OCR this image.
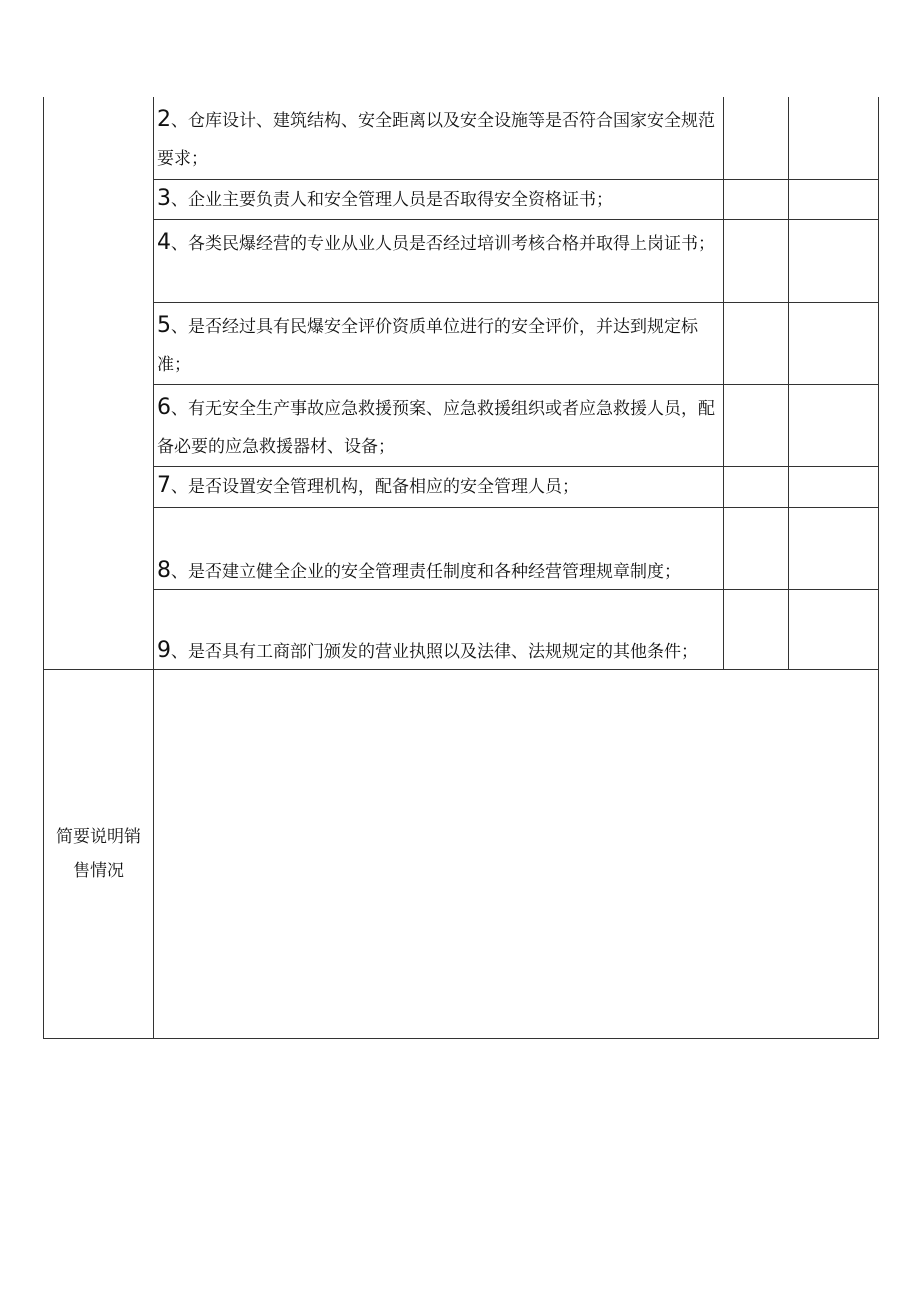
	2、仓库设计、建筑结构、安全距离以及安全设施等是否符合国家安全规范要求；		
	3、企业主要负责人和安全管理人员是否取得安全资格证书；		
	4、各类民爆经营的专业从业人员是否经过培训考核合格并取得上岗证书；		
	5、是否经过具有民爆安全评价资质单位进行的安全评价，并达到规定标准；		
	6、有无安全生产事故应急救援预案、应急救援组织或者应急救援人员，配备必要的应急救援器材、设备；		
	7、是否设置安全管理机构，配备相应的安全管理人员；		
	8、是否建立健全企业的安全管理责任制度和各种经营管理规章制度；		
	9、是否具有工商部门颁发的营业执照以及法律、法规规定的其他条件；		
简要说明销售情况			
